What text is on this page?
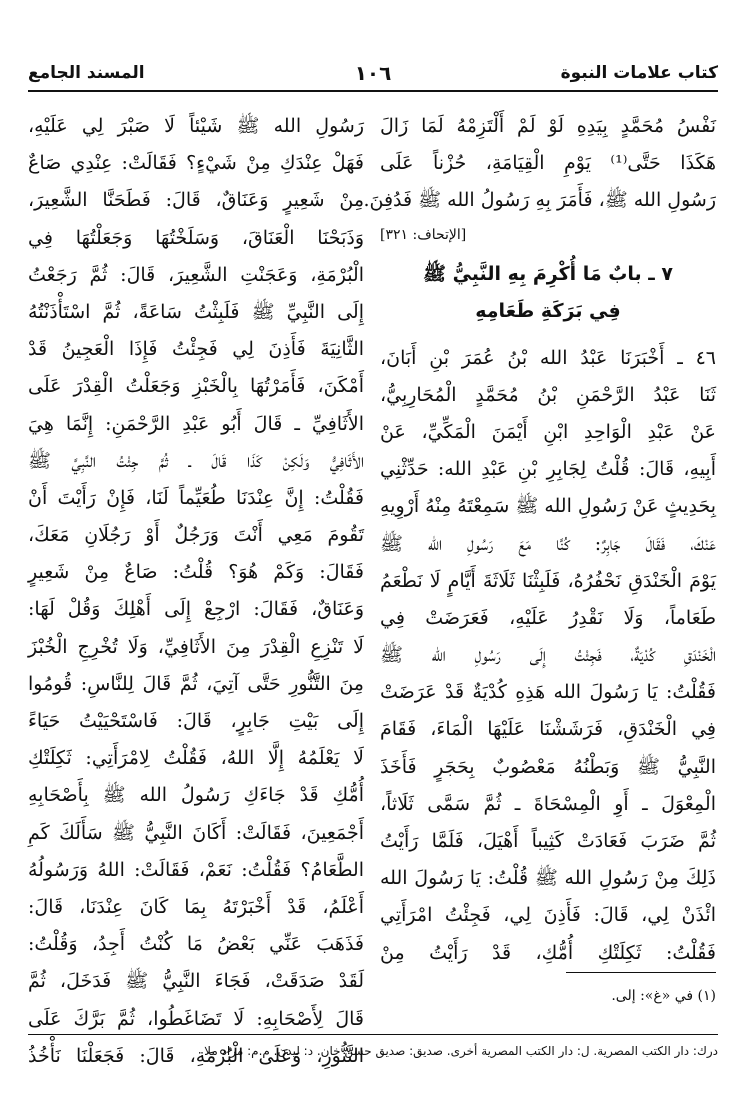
كتاب علامات النبوة
المسند الجامع	١٠٦
نَفْسُ مُحَمَّدٍ بِيَدِهِ لَوْ لَمْ أَلْتَزِمْهُ لَمَا زَالَ
هَكَذَا حَتَّى⁽¹⁾ يَوْمِ الْقِيَامَةِ، حُزْناً عَلَى
رَسُولِ الله ﷺ، فَأَمَرَ بِهِ رَسُولُ الله ﷺ فَدُفِنَ.
[الإتحاف: ٣٢١]
٧ ـ بابٌ مَا أُكْرِمَ بِهِ النَّبِيُّ ﷺ
فِي بَرَكَةِ طَعَامِهِ
٤٦ ـ أَخْبَرَنَا عَبْدُ الله بْنُ عُمَرَ بْنِ أَبَانَ،
ثَنَا عَبْدُ الرَّحْمَنِ بْنُ مُحَمَّدٍ الْمُحَارِبِيُّ،
عَنْ عَبْدِ الْوَاحِدِ ابْنِ أَيْمَنَ الْمَكِّيِّ، عَنْ
أَبِيهِ، قَالَ: قُلْتُ لِجَابِرِ بْنِ عَبْدِ الله: حَدِّثْنِي
بِحَدِيثٍ عَنْ رَسُولِ الله ﷺ سَمِعْتَهُ مِنْهُ أَرْوِيهِ
عَنْكَ، فَقَالَ جَابِرٌ: كُنَّا مَعَ رَسُولِ الله ﷺ
يَوْمَ الْخَنْدَقِ نَحْفُرُهُ، فَلَبِثْنَا ثَلَاثَةَ أَيَّامٍ لَا نَطْعَمُ
طَعَاماً، وَلَا نَقْدِرُ عَلَيْهِ، فَعَرَضَتْ فِي
الْخَنْدَقِ كُدْيَةٌ، فَجِئْتُ إِلَى رَسُولِ الله ﷺ
فَقُلْتُ: يَا رَسُولَ الله هَذِهِ كُدْيَةٌ قَدْ عَرَضَتْ
فِي الْخَنْدَقِ، فَرَشَشْنَا عَلَيْهَا الْمَاءَ، فَقَامَ
النَّبِيُّ ﷺ وَبَطْنُهُ مَعْصُوبٌ بِحَجَرٍ فَأَخَذَ
الْمِعْوَلَ ـ أَوِ الْمِسْحَاةَ ـ ثُمَّ سَمَّى ثَلَاثاً،
ثُمَّ ضَرَبَ فَعَادَتْ كَثِيباً أَهْيَلَ، فَلَمَّا رَأَيْتُ
ذَلِكَ مِنْ رَسُولِ الله ﷺ قُلْتُ: يَا رَسُولَ الله
ائْذَنْ لِي، قَالَ: فَأَذِنَ لِي، فَجِئْتُ امْرَأَتِي
فَقُلْتُ: ثَكِلَتْكِ أُمُّكِ، قَدْ رَأَيْتُ مِنْ
رَسُولِ الله ﷺ شَيْئاً لَا صَبْرَ لِي عَلَيْهِ،
فَهَلْ عِنْدَكِ مِنْ شَيْءٍ؟ فَقَالَتْ: عِنْدِي صَاعٌ
مِنْ شَعِيرٍ وَعَنَاقٌ، قَالَ: فَطَحَنَّا الشَّعِيرَ،
وَذَبَحْنَا الْعَنَاقَ، وَسَلَخْتُهَا وَجَعَلْتُهَا فِي
الْبُرْمَةِ، وَعَجَنْتِ الشَّعِيرَ، قَالَ: ثُمَّ رَجَعْتُ
إِلَى النَّبِيِّ ﷺ فَلَبِثْتُ سَاعَةً، ثُمَّ اسْتَأْذَنْتُهُ
الثَّانِيَةَ فَأَذِنَ لِي فَجِئْتُ فَإِذَا الْعَجِينُ قَدْ
أَمْكَنَ، فَأَمَرْتُهَا بِالْخَبْزِ وَجَعَلْتُ الْقِدْرَ عَلَى
الأَثَافِيِّ ـ قَالَ أَبُو عَبْدِ الرَّحْمَنِ: إِنَّمَا هِيَ
الأَثَافِيُّ وَلَكِنْ كَذَا قَالَ ـ ثُمَّ جِئْتُ النَّبِيَّ ﷺ
فَقُلْتُ: إِنَّ عِنْدَنَا طُعَيِّماً لَنَا، فَإِنْ رَأَيْتَ أَنْ
تَقُومَ مَعِي أَنْتَ وَرَجُلٌ أَوْ رَجُلَانِ مَعَكَ،
فَقَالَ: وَكَمْ هُوَ؟ قُلْتُ: صَاعٌ مِنْ شَعِيرٍ
وَعَنَاقٌ، فَقَالَ: ارْجِعْ إِلَى أَهْلِكَ وَقُلْ لَهَا:
لَا تَنْزِعِ الْقِدْرَ مِنَ الأَثَافِيِّ، وَلَا تُخْرِجِ الْخُبْزَ
مِنَ التَّنُّورِ حَتَّى آتِيَ، ثُمَّ قَالَ لِلنَّاسِ: قُومُوا
إِلَى بَيْتِ جَابِرٍ، قَالَ: فَاسْتَحْيَيْتُ حَيَاءً
لَا يَعْلَمُهُ إِلَّا اللهُ، فَقُلْتُ لِامْرَأَتِي: ثَكِلَتْكِ
أُمُّكِ قَدْ جَاءَكِ رَسُولُ الله ﷺ بِأَصْحَابِهِ
أَجْمَعِينَ، فَقَالَتْ: أَكَانَ النَّبِيُّ ﷺ سَأَلَكَ كَمِ
الطَّعَامُ؟ فَقُلْتُ: نَعَمْ، فَقَالَتْ: اللهُ وَرَسُولُهُ
أَعْلَمُ، قَدْ أَخْبَرْتَهُ بِمَا كَانَ عِنْدَنَا، قَالَ:
فَذَهَبَ عَنِّي بَعْضُ مَا كُنْتُ أَجِدُ، وَقُلْتُ:
لَقَدْ صَدَقَتْ، فَجَاءَ النَّبِيُّ ﷺ فَدَخَلَ، ثُمَّ
قَالَ لِأَصْحَابِهِ: لَا تَضَاغَطُوا، ثُمَّ بَرَّكَ عَلَى
التَّنُّورِ، وَعَلَى الْبُرْمَةِ، قَالَ: فَجَعَلْنَا نَأْخُذُ
(١) في «غ»: إلى.
درك: دار الكتب المصرية. ل: دار الكتب المصرية أخرى. صديق: صديق حسن خان. د: ليدن. م.م: مراد ملا
